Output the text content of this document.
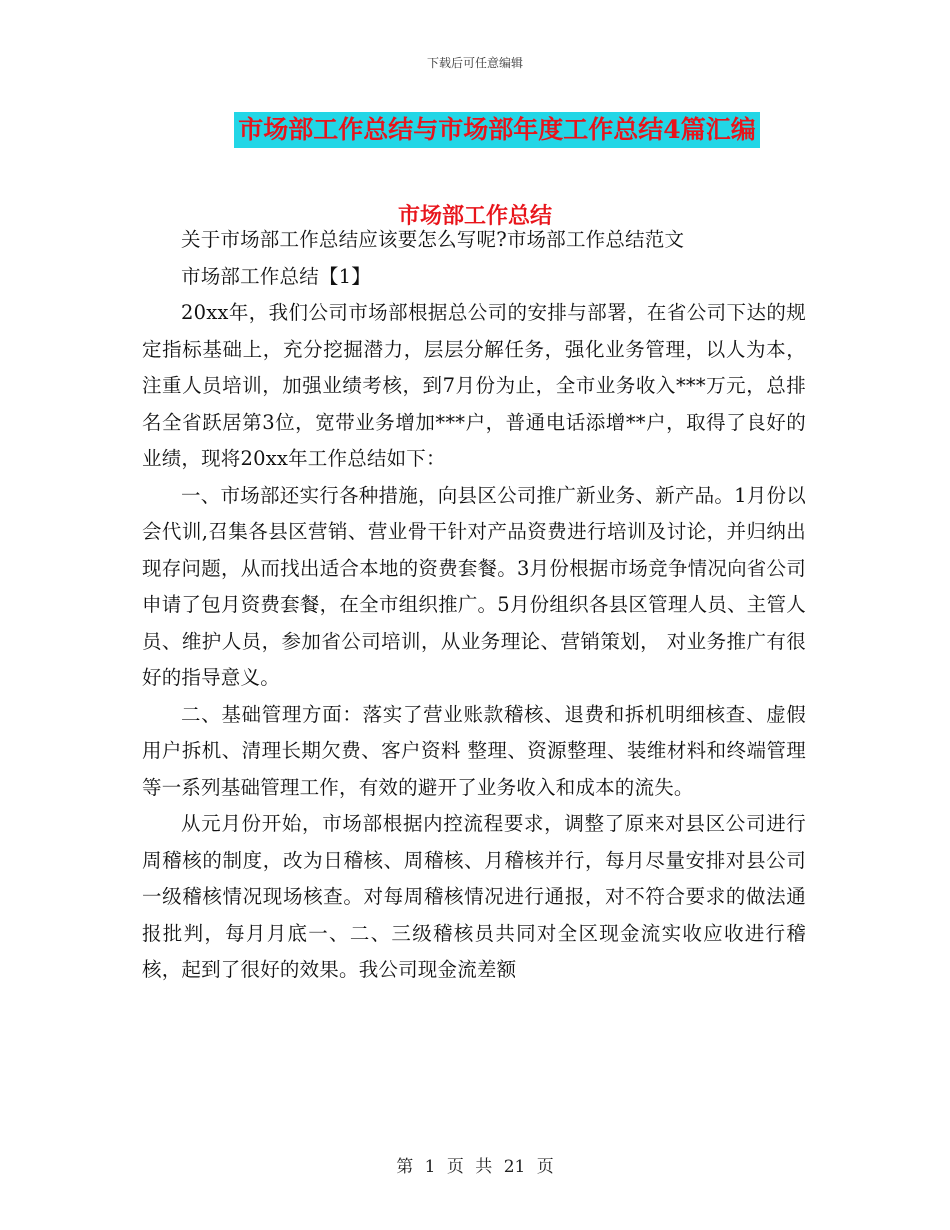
下载后可任意编辑
市场部工作总结与市场部年度工作总结4篇汇编
市场部工作总结

关于市场部工作总结应该要怎么写呢?市场部工作总结范文

市场部工作总结【1】

20xx年，我们公司市场部根据总公司的安排与部署，在省公司下达的规定指标基础上，充分挖掘潜力，层层分解任务，强化业务管理，以人为本，注重人员培训，加强业绩考核，到7月份为止，全市业务收入***万元，总排名全省跃居第3位，宽带业务增加***户，普通电话添增**户，取得了良好的业绩，现将20xx年工作总结如下：

一、市场部还实行各种措施，向县区公司推广新业务、新产品。1月份以会代训,召集各县区营销、营业骨干针对产品资费进行培训及讨论，并归纳出现存问题，从而找出适合本地的资费套餐。3月份根据市场竞争情况向省公司申请了包月资费套餐，在全市组织推广。5月份组织各县区管理人员、主管人员、维护人员，参加省公司培训，从业务理论、营销策划， 对业务推广有很好的指导意义。

二、基础管理方面：落实了营业账款稽核、退费和拆机明细核查、虚假用户拆机、清理长期欠费、客户资料 整理、资源整理、装维材料和终端管理等一系列基础管理工作，有效的避开了业务收入和成本的流失。

从元月份开始，市场部根据内控流程要求，调整了原来对县区公司进行周稽核的制度，改为日稽核、周稽核、月稽核并行，每月尽量安排对县公司一级稽核情况现场核查。对每周稽核情况进行通报，对不符合要求的做法通报批判，每月月底一、二、三级稽核员共同对全区现金流实收应收进行稽核，起到了很好的效果。我公司现金流差额

第 1 页 共 21 页
